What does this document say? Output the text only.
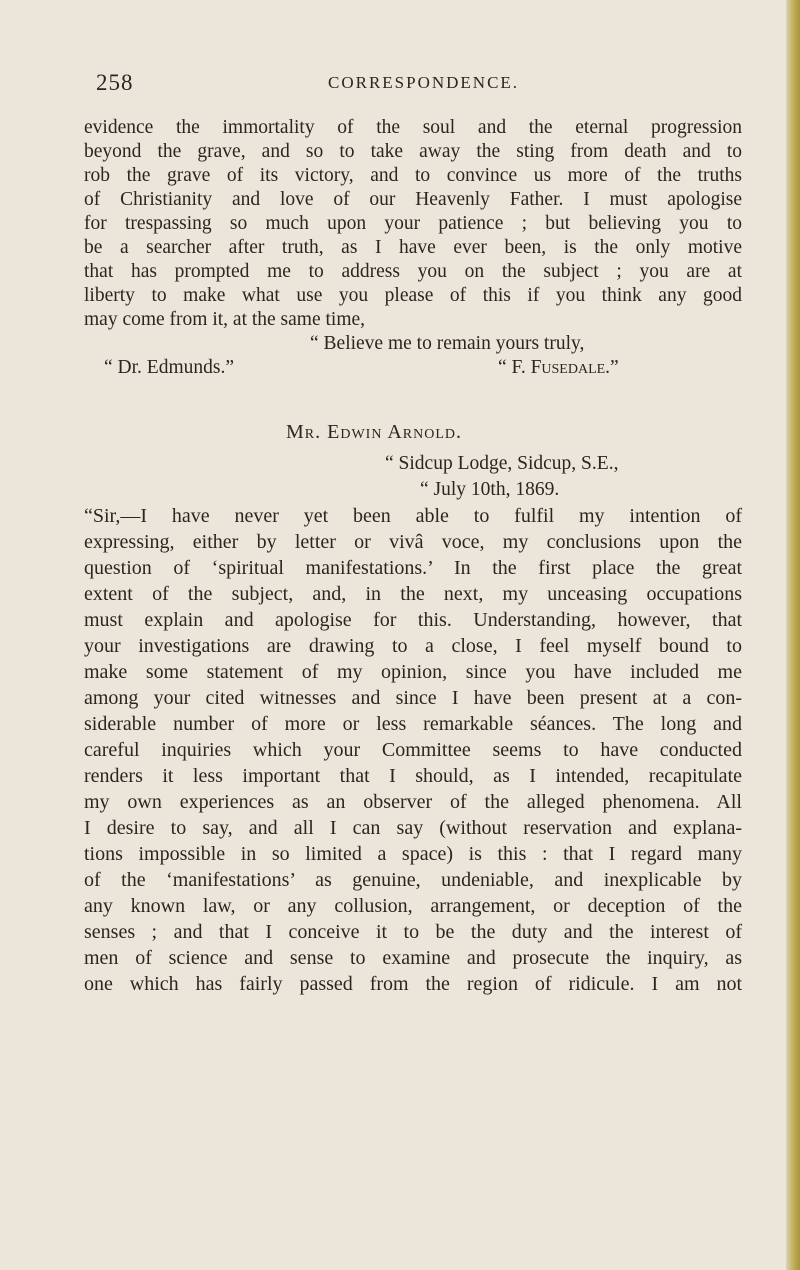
258	CORRESPONDENCE.
evidence the immortality of the soul and the eternal progression
beyond the grave, and so to take away the sting from death and to
rob the grave of its victory, and to convince us more of the truths
of Christianity and love of our Heavenly Father. I must apologise
for trespassing so much upon your patience ; but believing you to
be a searcher after truth, as I have ever been, is the only motive
that has prompted me to address you on the subject ; you are at
liberty to make what use you please of this if you think any good
may come from it, at the same time,
“ Believe me to remain yours truly,
“ Dr. Edmunds.”	“ F. Fusedale.”
Mr. Edwin Arnold.
“ Sidcup Lodge, Sidcup, S.E.,
“ July 10th, 1869.
“Sir,—I have never yet been able to fulfil my intention of
expressing, either by letter or vivâ voce, my conclusions upon the
question of ‘spiritual manifestations.’ In the first place the great
extent of the subject, and, in the next, my unceasing occupations
must explain and apologise for this. Understanding, however, that
your investigations are drawing to a close, I feel myself bound to
make some statement of my opinion, since you have included me
among your cited witnesses and since I have been present at a con-
siderable number of more or less remarkable séances. The long and
careful inquiries which your Committee seems to have conducted
renders it less important that I should, as I intended, recapitulate
my own experiences as an observer of the alleged phenomena. All
I desire to say, and all I can say (without reservation and explana-
tions impossible in so limited a space) is this : that I regard many
of the ‘manifestations’ as genuine, undeniable, and inexplicable by
any known law, or any collusion, arrangement, or deception of the
senses ; and that I conceive it to be the duty and the interest of
men of science and sense to examine and prosecute the inquiry, as
one which has fairly passed from the region of ridicule. I am not
